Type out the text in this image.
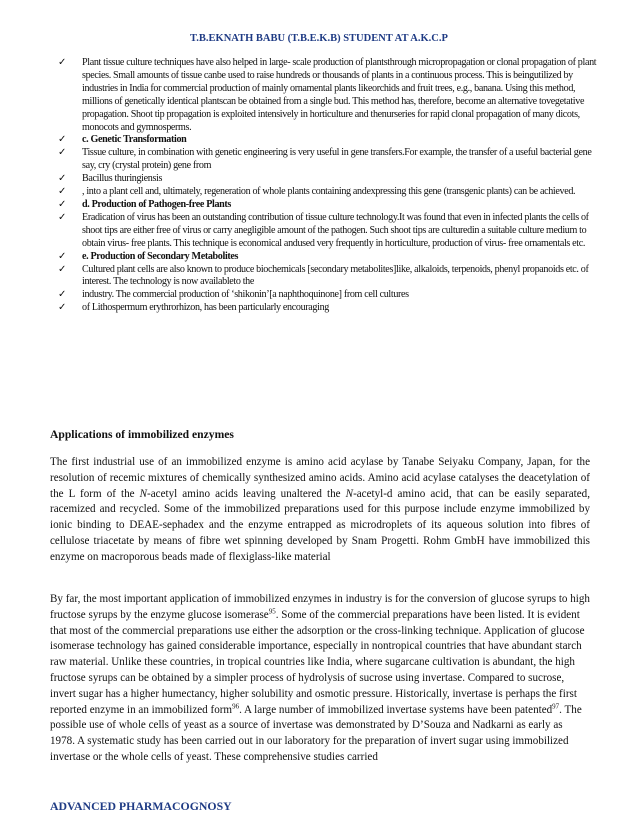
T.B.EKNATH BABU (T.B.E.K.B) STUDENT AT A.K.C.P
✓	Plant tissue culture techniques have also helped in large- scale production of plantsthrough micropropagation or clonal propagation of plant species. Small amounts of tissue canbe used to raise hundreds or thousands of plants in a continuous process. This is beingutilized by industries in India for commercial production of mainly ornamental plants likeorchids and fruit trees, e.g., banana. Using this method, millions of genetically identical plantscan be obtained from a single bud. This method has, therefore, become an alternative tovegetative propagation. Shoot tip propagation is exploited intensively in horticulture and thenurseries for rapid clonal propagation of many dicots, monocots and gymnosperms.
✓	c. Genetic Transformation
✓	Tissue culture, in combination with genetic engineering is very useful in gene transfers.For example, the transfer of a useful bacterial gene say, cry (crystal protein) gene from
✓	Bacillus thuringiensis
✓	, into a plant cell and, ultimately, regeneration of whole plants containing andexpressing this gene (transgenic plants) can be achieved.
✓	d. Production of Pathogen-free Plants
✓	Eradication of virus has been an outstanding contribution of tissue culture technology.It was found that even in infected plants the cells of shoot tips are either free of virus or carry anegligible amount of the pathogen. Such shoot tips are culturedin a suitable culture medium to obtain virus- free plants. This technique is economical andused very frequently in horticulture, production of virus- free ornamentals etc.
✓	e. Production of Secondary Metabolites
✓	Cultured plant cells are also known to produce biochemicals [secondary metabolites]like, alkaloids, terpenoids, phenyl propanoids etc. of interest. The technology is now availableto the
✓	industry. The commercial production of ‘shikonin’[a naphthoquinone] from cell cultures
✓	of Lithospermum erythrorhizon, has been particularly encouraging
Applications of immobilized enzymes

The first industrial use of an immobilized enzyme is amino acid acylase by Tanabe Seiyaku Company, Japan, for the resolution of recemic mixtures of chemically synthesized amino acids. Amino acid acylase catalyses the deacetylation of the L form of the N-acetyl amino acids leaving unaltered the N-acetyl-d amino acid, that can be easily separated, racemized and recycled. Some of the immobilized preparations used for this purpose include enzyme immobilized by ionic binding to DEAE-sephadex and the enzyme entrapped as microdroplets of its aqueous solution into fibres of cellulose triacetate by means of fibre wet spinning developed by Snam Progetti. Rohm GmbH have immobilized this enzyme on macroporous beads made of flexiglass-like material

By far, the most important application of immobilized enzymes in industry is for the conversion of glucose syrups to high fructose syrups by the enzyme glucose isomerase$^{95}$. Some of the commercial preparations have been listed. It is evident that most of the commercial preparations use either the adsorption or the cross-linking technique. Application of glucose isomerase technology has gained considerable importance, especially in nontropical countries that have abundant starch raw material. Unlike these countries, in tropical countries like India, where sugarcane cultivation is abundant, the high fructose syrups can be obtained by a simpler process of hydrolysis of sucrose using invertase. Compared to sucrose, invert sugar has a higher humectancy, higher solubility and osmotic pressure. Historically, invertase is perhaps the first reported enzyme in an immobilized form$^{96}$. A large number of immobilized invertase systems have been patented$^{97}$. The possible use of whole cells of yeast as a source of invertase was demonstrated by D’Souza and Nadkarni as early as 1978. A systematic study has been carried out in our laboratory for the preparation of invert sugar using immobilized invertase or the whole cells of yeast. These comprehensive studies carried

ADVANCED PHARMACOGNOSY
